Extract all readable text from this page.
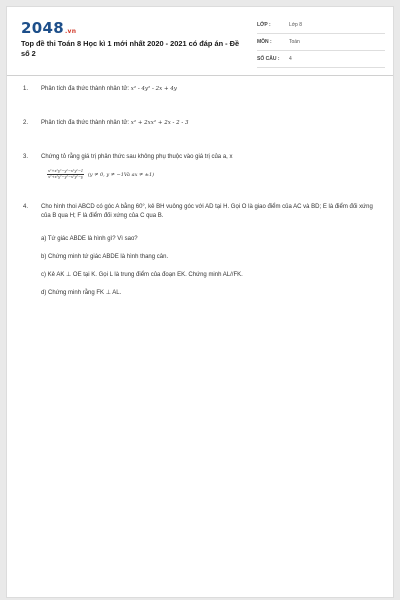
2048.vn
Top đề thi Toán 8 Học kì 1 mới nhất 2020 - 2021 có đáp án - Đề số 2
LỚP :	Lớp 8
MÔN :	Toán
SỐ CÂU : 4
1. Phân tích đa thức thành nhân tử: x² - 4y² - 2x + 4y
2. Phân tích đa thức thành nhân tử: x² + 2xx² + 2x - 2 - 3
3. Chứng tỏ rằng giá trị phân thức sau không phụ thuộc vào giá trị của a, x
$\frac{\text{x²+x²y²−y²−x²y²−1}}{\text{x²+x²y²−y²−x²y²−y}} (y \ne 0$, y ≠ −1Và ax ≠ ±1)
4. Cho hình thoi ABCD có góc A bằng 60°, kẻ BH vuông góc với AD tại H. Gọi O là giao điểm của AC và BD; E là điểm đối xứng của B qua H; F là điểm đối xứng của C qua B.
a) Tứ giác ABDE là hình gì? Vì sao?
b) Chứng minh tứ giác ABDE là hình thang cân.
c) Kẻ AK ⊥ OE tại K. Gọi L là trung điểm của đoạn EK. Chứng minh AL//FK.
d) Chứng minh rằng FK ⊥ AL.
